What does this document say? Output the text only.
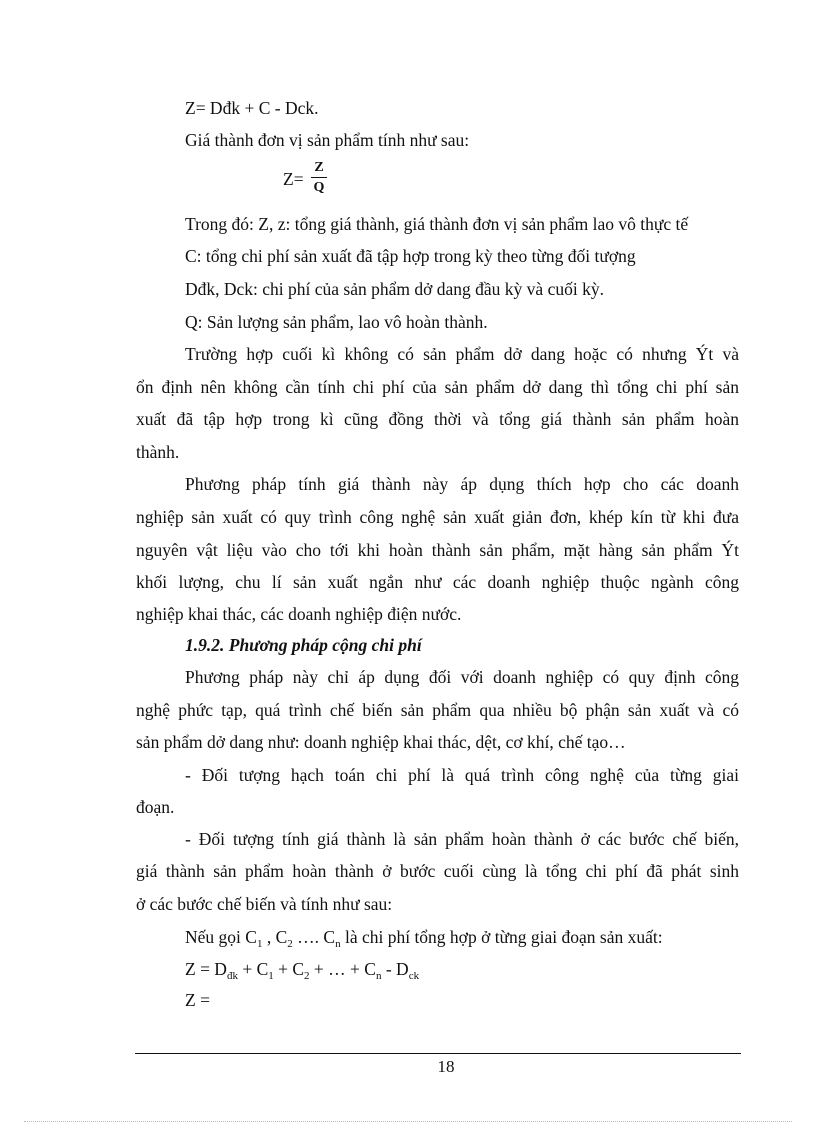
Z= Dđk + C - Dck.
Giá thành đơn vị sản phẩm tính như sau:
Z=
Z
Q
Trong đó: Z, z: tổng giá thành, giá thành đơn vị sản phẩm lao vô thực tế
C: tổng chi phí sản xuất đã tập hợp trong kỳ theo từng đối tượng
Dđk, Dck: chi phí của sản phẩm dở dang đầu kỳ và cuối kỳ.
Q: Sản lượng sản phẩm, lao vô hoàn thành.
Trường hợp cuối kì không có sản phẩm dở dang hoặc có nhưng Ýt và
ổn định nên không cần tính chi phí của sản phẩm dở dang thì tổng chi phí sản
xuất đã tập hợp trong kì cũng đồng thời và tổng giá thành sản phẩm hoàn
thành.
Phương pháp tính giá thành này áp dụng thích hợp cho các doanh
nghiệp sản xuất có quy trình công nghệ sản xuất giản đơn, khép kín từ khi đưa
nguyên vật liệu vào cho tới khi hoàn thành sản phẩm, mặt hàng sản phẩm Ýt
khối lượng, chu lí sản xuất ngắn như các doanh nghiệp thuộc ngành công
nghiệp khai thác, các doanh nghiệp điện nước.
1.9.2. Phương pháp cộng chi phí
Phương pháp này chỉ áp dụng đối với doanh nghiệp có quy định công
nghệ phức tạp, quá trình chế biến sản phẩm qua nhiều bộ phận sản xuất và có
sản phẩm dở dang như: doanh nghiệp khai thác, dệt, cơ khí, chế tạo…
- Đối tượng hạch toán chi phí là quá trình công nghệ của từng giai
đoạn.
- Đối tượng tính giá thành là sản phẩm hoàn thành ở các bước chế biến,
giá thành sản phẩm hoàn thành ở bước cuối cùng là tổng chi phí đã phát sinh
ở các bước chế biến và tính như sau:
Nếu gọi $C_1$ , $C_2$ …. $C_n$ là chi phí tổng hợp ở từng giai đoạn sản xuất:
$Z = D_{đk} + C_1 + C_2$ + … + $C_n - D_{ck}$
Z =
18
